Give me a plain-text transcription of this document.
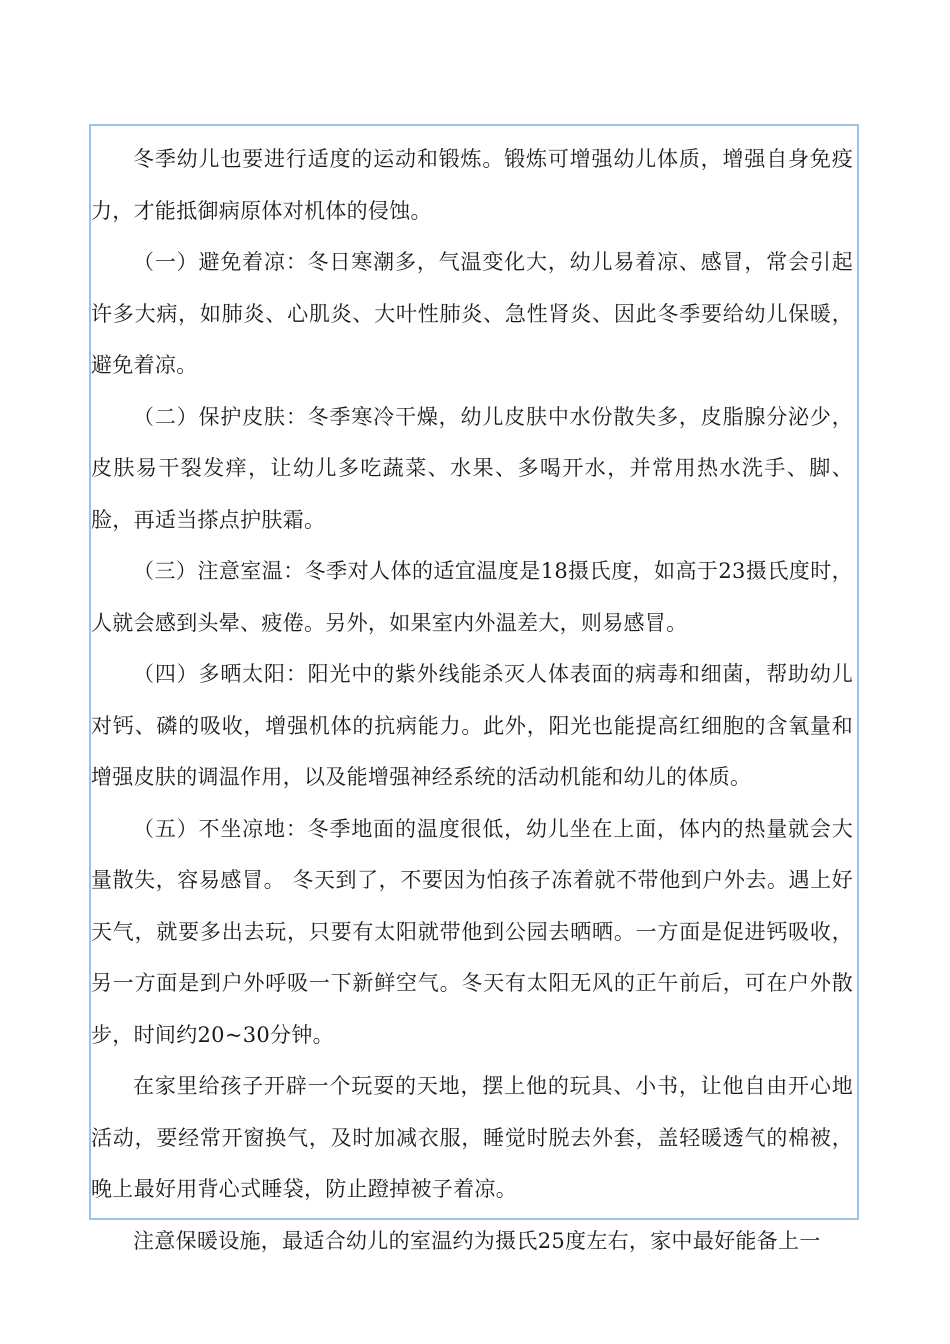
冬季幼儿也要进行适度的运动和锻炼。锻炼可增强幼儿体质，增强自身免疫力，才能抵御病原体对机体的侵蚀。

（一）避免着凉：冬日寒潮多，气温变化大，幼儿易着凉、感冒，常会引起许多大病，如肺炎、心肌炎、大叶性肺炎、急性肾炎、因此冬季要给幼儿保暖，避免着凉。

（二）保护皮肤：冬季寒冷干燥，幼儿皮肤中水份散失多，皮脂腺分泌少，皮肤易干裂发痒，让幼儿多吃蔬菜、水果、多喝开水，并常用热水洗手、脚、脸，再适当搽点护肤霜。

（三）注意室温：冬季对人体的适宜温度是18摄氏度，如高于23摄氏度时，人就会感到头晕、疲倦。另外，如果室内外温差大，则易感冒。

（四）多晒太阳：阳光中的紫外线能杀灭人体表面的病毒和细菌，帮助幼儿对钙、磷的吸收，增强机体的抗病能力。此外，阳光也能提高红细胞的含氧量和增强皮肤的调温作用，以及能增强神经系统的活动机能和幼儿的体质。

（五）不坐凉地：冬季地面的温度很低，幼儿坐在上面，体内的热量就会大量散失，容易感冒。 冬天到了，不要因为怕孩子冻着就不带他到户外去。遇上好天气，就要多出去玩，只要有太阳就带他到公园去晒晒。一方面是促进钙吸收，另一方面是到户外呼吸一下新鲜空气。冬天有太阳无风的正午前后，可在户外散步，时间约20~30分钟。

在家里给孩子开辟一个玩耍的天地，摆上他的玩具、小书，让他自由开心地活动，要经常开窗换气，及时加减衣服，睡觉时脱去外套，盖轻暖透气的棉被，晚上最好用背心式睡袋，防止蹬掉被子着凉。

注意保暖设施，最适合幼儿的室温约为摄氏25度左右，家中最好能备上一
